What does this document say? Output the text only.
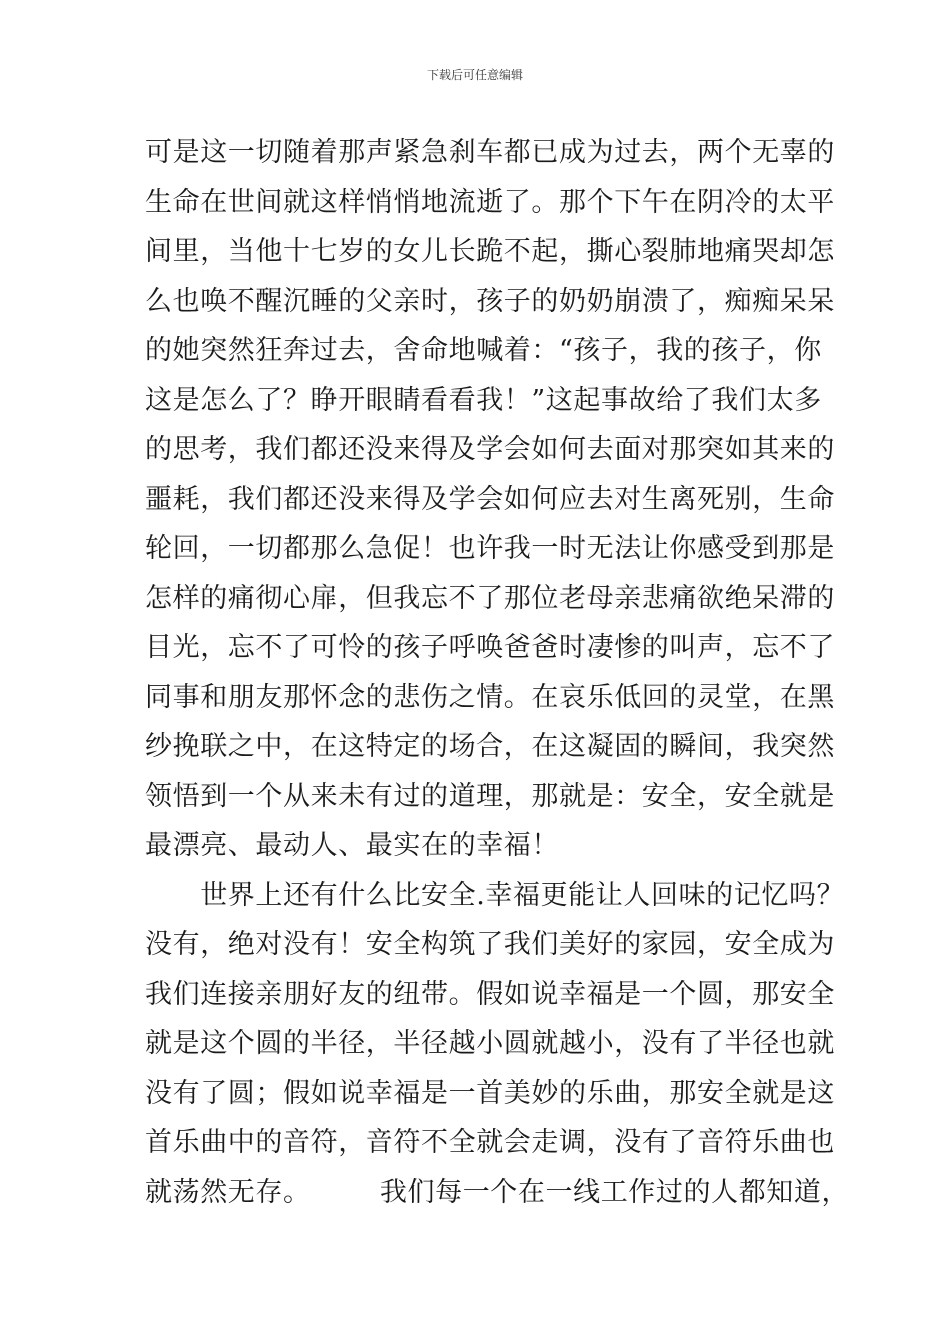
下载后可任意编辑
可是这一切随着那声紧急刹车都已成为过去，两个无辜的
生命在世间就这样悄悄地流逝了。那个下午在阴冷的太平
间里，当他十七岁的女儿长跪不起，撕心裂肺地痛哭却怎
么也唤不醒沉睡的父亲时，孩子的奶奶崩溃了，痴痴呆呆
的她突然狂奔过去，舍命地喊着：“孩子，我的孩子，你
这是怎么了？睁开眼睛看看我！”这起事故给了我们太多
的思考，我们都还没来得及学会如何去面对那突如其来的
噩耗，我们都还没来得及学会如何应去对生离死别，生命
轮回，一切都那么急促！也许我一时无法让你感受到那是
怎样的痛彻心扉，但我忘不了那位老母亲悲痛欲绝呆滞的
目光，忘不了可怜的孩子呼唤爸爸时凄惨的叫声，忘不了
同事和朋友那怀念的悲伤之情。在哀乐低回的灵堂，在黑
纱挽联之中，在这特定的场合，在这凝固的瞬间，我突然
领悟到一个从来未有过的道理，那就是：安全，安全就是
最漂亮、最动人、最实在的幸福！
　　世界上还有什么比安全.幸福更能让人回味的记忆吗？
没有，绝对没有！安全构筑了我们美好的家园，安全成为
我们连接亲朋好友的纽带。假如说幸福是一个圆，那安全
就是这个圆的半径，半径越小圆就越小，没有了半径也就
没有了圆；假如说幸福是一首美妙的乐曲，那安全就是这
首乐曲中的音符，音符不全就会走调，没有了音符乐曲也
就荡然无存。　　　我们每一个在一线工作过的人都知道，
